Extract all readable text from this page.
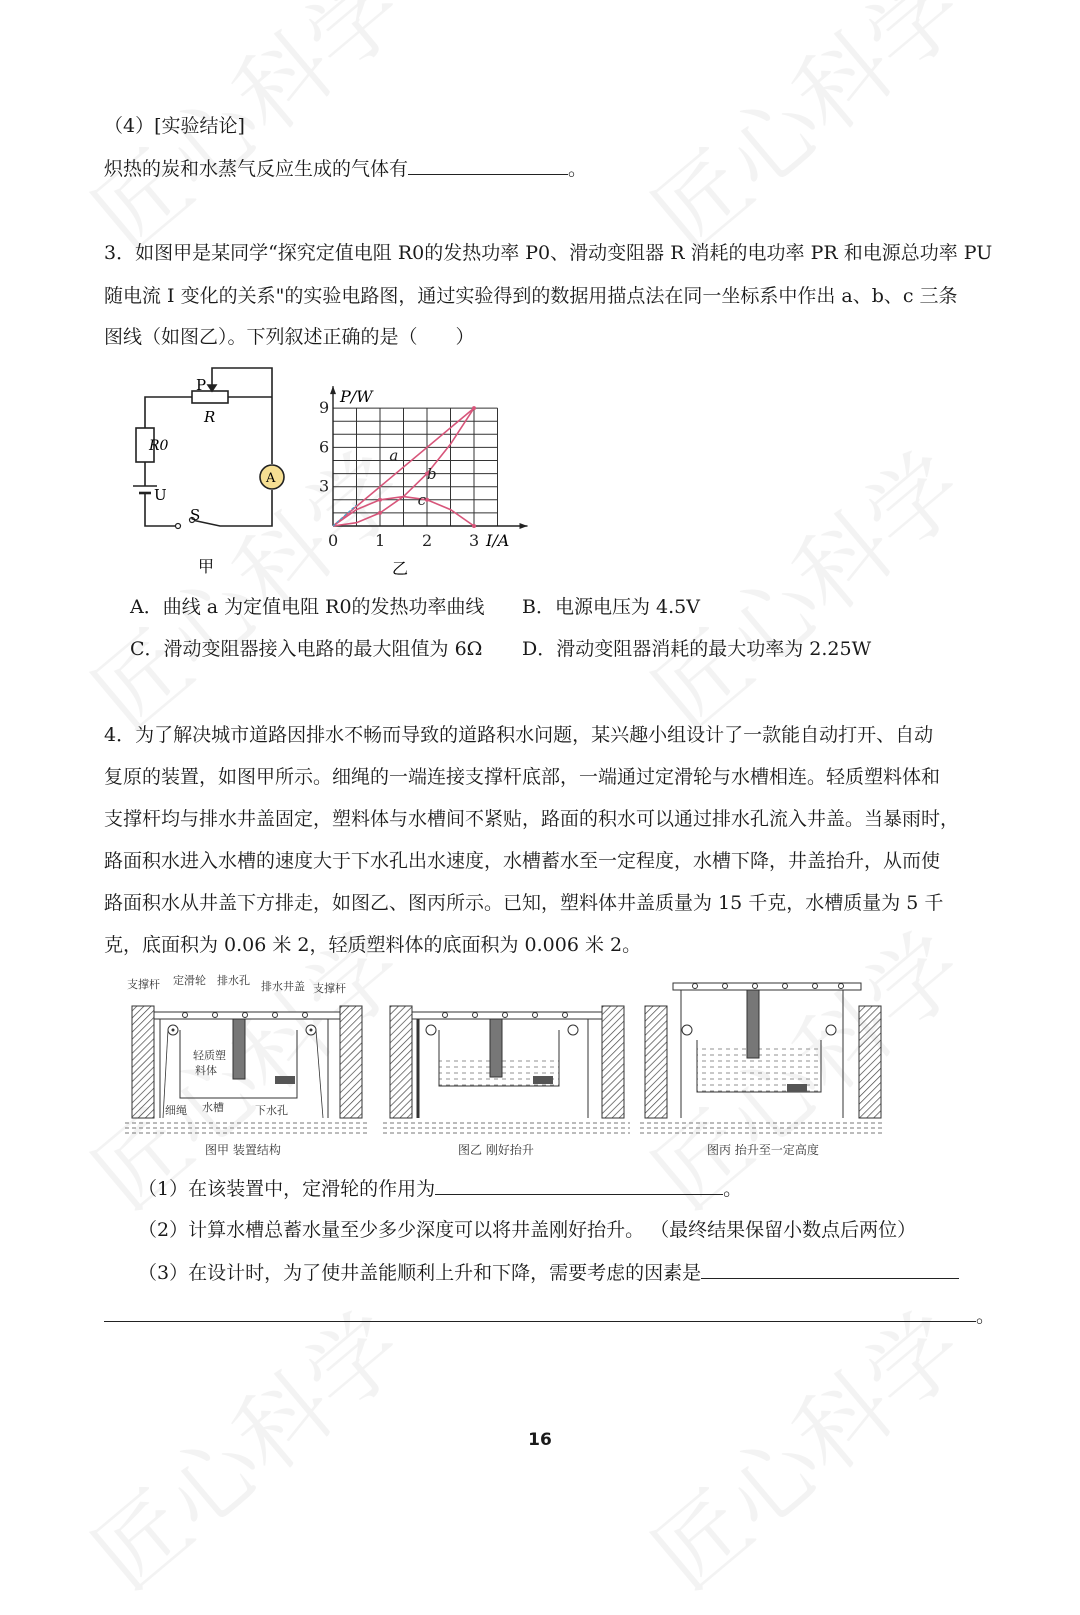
（4）[实验结论]
炽热的炭和水蒸气反应生成的气体有	。
3．如图甲是某同学“探究定值电阻 R0的发热功率 P0、滑动变阻器 R 消耗的电功率 PR 和电源总功率 PU
随电流 I 变化的关系"的实验电路图，通过实验得到的数据用描点法在同一坐标系中作出 a、b、c 三条
图线（如图乙）。下列叙述正确的是（　　）
P
R
R0
U
S
A
甲
a
b
c
0 1 2 3
3
6
9
P/W
I/A
乙
A．曲线 a 为定值电阻 R0的发热功率曲线 B．电源电压为 4.5V
C．滑动变阻器接入电路的最大阻值为 6Ω D．滑动变阻器消耗的最大功率为 2.25W
4．为了解决城市道路因排水不畅而导致的道路积水问题，某兴趣小组设计了一款能自动打开、自动
复原的装置，如图甲所示。细绳的一端连接支撑杆底部，一端通过定滑轮与水槽相连。轻质塑料体和
支撑杆均与排水井盖固定，塑料体与水槽间不紧贴，路面的积水可以通过排水孔流入井盖。当暴雨时，
路面积水进入水槽的速度大于下水孔出水速度，水槽蓄水至一定程度，水槽下降，井盖抬升，从而使
路面积水从井盖下方排走，如图乙、图丙所示。已知，塑料体井盖质量为 15 千克，水槽质量为 5 千
克，底面积为 0.06 米 2，轻质塑料体的底面积为 0.006 米 2。
支撑杆 定滑轮 排水孔 排水井盖 支撑杆
轻质塑
料体
细绳 水槽	下水孔
图甲 装置结构	图乙 刚好抬升	图丙 抬升至一定高度
（1）在该装置中，定滑轮的作用为	。
（2）计算水槽总蓄水量至少多少深度可以将井盖刚好抬升。 （最终结果保留小数点后两位）
（3）在设计时，为了使井盖能顺利上升和下降，需要考虑的因素是
。
16
